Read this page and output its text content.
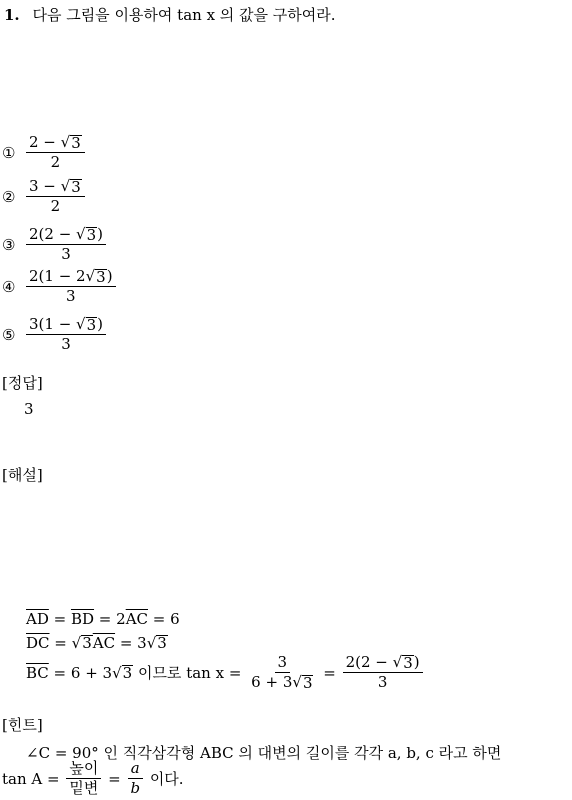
1. 다음 그림을 이용하여 tan x 의 값을 구하여라.
① $\frac{2 - √ 3}{2}$
② $\frac{3 - √ 3}{2}$
③ $\frac{2(2 - √ 3 )}{3}$
④ $\frac{2(1 - 2 √ 3 )}{3}$
⑤ $\frac{3(1 - √ 3 )}{3}$
[정답]
3
[해설]
$\overline{AD} = \overline{BD} = 2\overline{AC} = 6$
$\overline{DC}$ = √ 3 $\overline{AC} = 3$ √ 3
$\overline{BC} = 6 + 3$ √ 3 이므로 $\tan x = \frac{3}{6 + 3 √ 3} = \frac{2(2 - √ 3 )}{3}$
[힌트]
∠C = 90° 인 직각삼각형 ABC 의 대변의 길이를 각각 a, b, c 라고 하면
$\tan A = \frac{\text{높이}}{\text{밑변}} = \frac{a}{b}$ 이다.
